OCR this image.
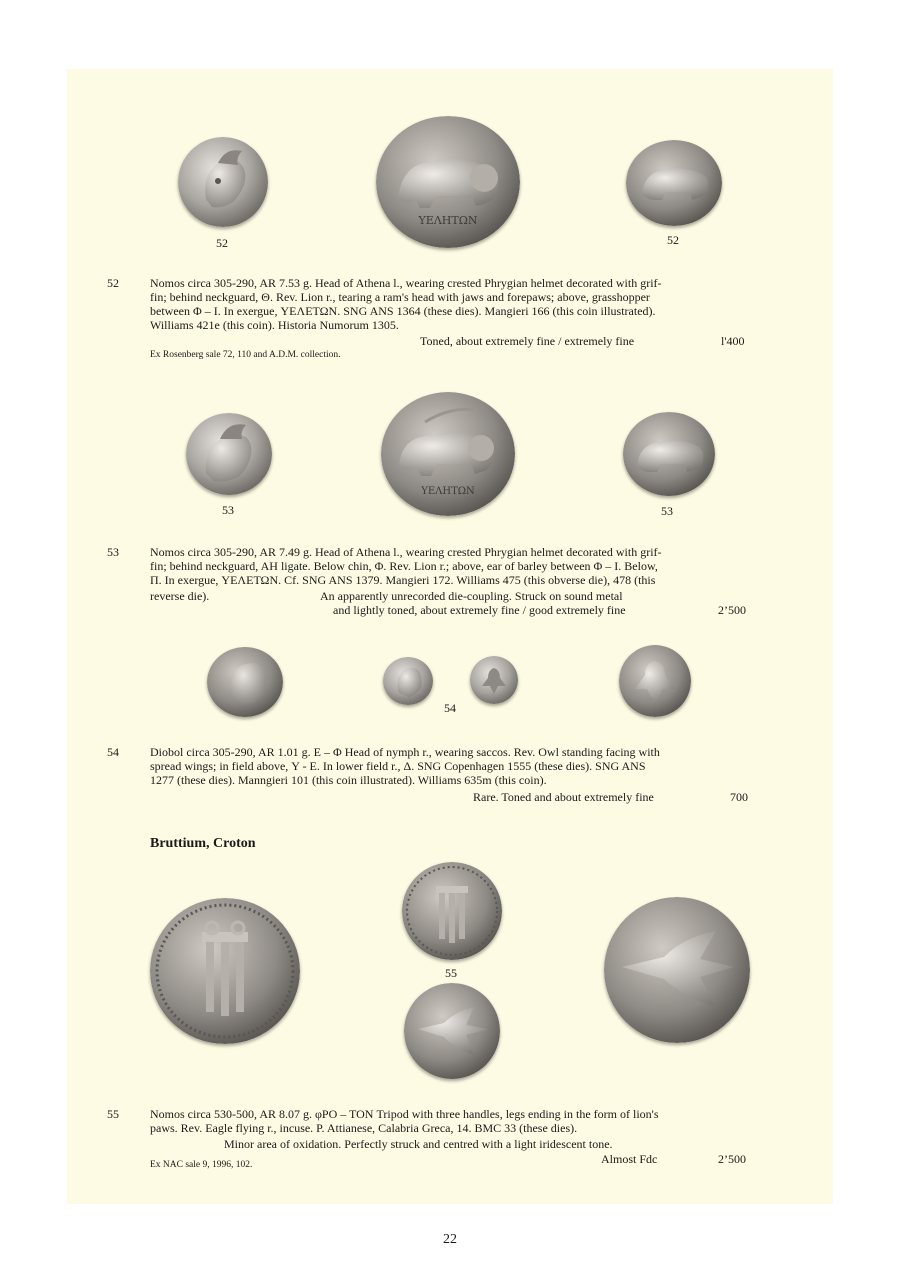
ΥΕΛΗΤΩΝ
52	52
52	Nomos circa 305-290, AR 7.53 g. Head of Athena l., wearing crested Phrygian helmet decorated with grif-
fin; behind neckguard, Θ. Rev. Lion r., tearing a ram's head with jaws and forepaws; above, grasshopper
between Φ – I. In exergue, ΥΕΛΕΤΩΝ. SNG ANS 1364 (these dies). Mangieri 166 (this coin illustrated).
Williams 421e (this coin). Historia Numorum 1305.
Toned, about extremely fine / extremely fine	l'400
Ex Rosenberg sale 72, 110 and A.D.M. collection.
ΥΕΛΗΤΩΝ
53	53
53	Nomos circa 305-290, AR 7.49 g. Head of Athena l., wearing crested Phrygian helmet decorated with grif-
fin; behind neckguard, AH ligate. Below chin, Φ. Rev. Lion r.; above, ear of barley between Φ – I. Below,
Π. In exergue, ΥΕΛΕΤΩΝ. Cf. SNG ANS 1379. Mangieri 172. Williams 475 (this obverse die), 478 (this
reverse die).	An apparently unrecorded die-coupling. Struck on sound metal
and lightly toned, about extremely fine / good extremely fine	2’500
54
54	Diobol circa 305-290, AR 1.01 g. E – Φ Head of nymph r., wearing saccos. Rev. Owl standing facing with
spread wings; in field above, Υ - E. In lower field r., Δ. SNG Copenhagen 1555 (these dies). SNG ANS
1277 (these dies). Manngieri 101 (this coin illustrated). Williams 635m (this coin).
Rare. Toned and about extremely fine	700
Bruttium, Croton
55
55	Nomos circa 530-500, AR 8.07 g. φΡΟ – ΤΟΝ Tripod with three handles, legs ending in the form of lion's
paws. Rev. Eagle flying r., incuse. P. Attianese, Calabria Greca, 14. BMC 33 (these dies).
Minor area of oxidation. Perfectly struck and centred with a light iridescent tone.
Almost Fdc	2’500
Ex NAC sale 9, 1996, 102.
22
